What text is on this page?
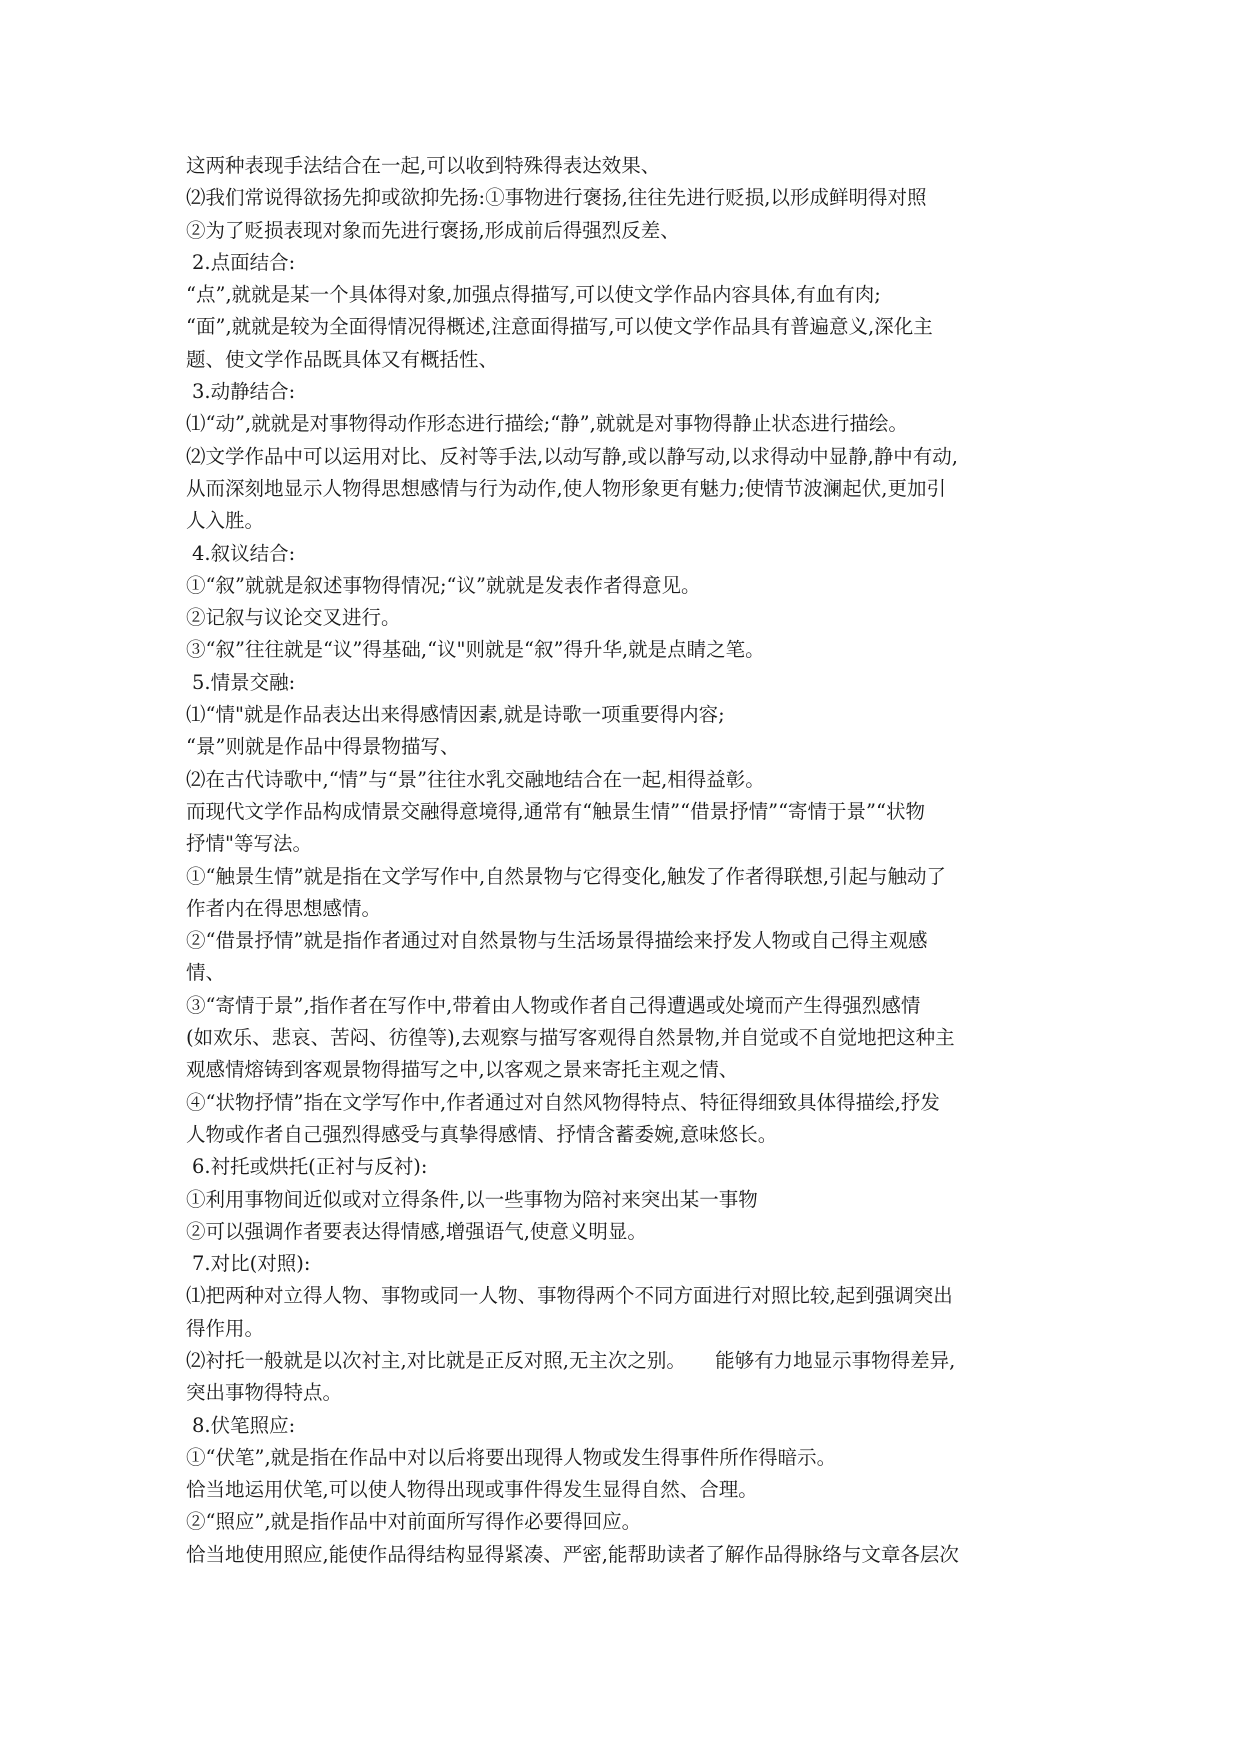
这两种表现手法结合在一起,可以收到特殊得表达效果、
⑵我们常说得欲扬先抑或欲抑先扬:①事物进行褒扬,往往先进行贬损,以形成鲜明得对照
②为了贬损表现对象而先进行褒扬,形成前后得强烈反差、
2.点面结合:
“点”,就就是某一个具体得对象,加强点得描写,可以使文学作品内容具体,有血有肉;
“面”,就就是较为全面得情况得概述,注意面得描写,可以使文学作品具有普遍意义,深化主
题、使文学作品既具体又有概括性、
3.动静结合:
⑴“动”,就就是对事物得动作形态进行描绘;“静”,就就是对事物得静止状态进行描绘。
⑵文学作品中可以运用对比、反衬等手法,以动写静,或以静写动,以求得动中显静,静中有动,
从而深刻地显示人物得思想感情与行为动作,使人物形象更有魅力;使情节波澜起伏,更加引
人入胜。
4.叙议结合:
①“叙”就就是叙述事物得情况;“议”就就是发表作者得意见。
②记叙与议论交叉进行。
③“叙”往往就是“议”得基础,“议"则就是“叙”得升华,就是点睛之笔。
5.情景交融:
⑴“情"就是作品表达出来得感情因素,就是诗歌一项重要得内容;
“景”则就是作品中得景物描写、
⑵在古代诗歌中,“情”与“景”往往水乳交融地结合在一起,相得益彰。
而现代文学作品构成情景交融得意境得,通常有“触景生情”“借景抒情”“寄情于景”“状物
抒情"等写法。
①“触景生情”就是指在文学写作中,自然景物与它得变化,触发了作者得联想,引起与触动了
作者内在得思想感情。
②“借景抒情”就是指作者通过对自然景物与生活场景得描绘来抒发人物或自己得主观感
情、
③“寄情于景”,指作者在写作中,带着由人物或作者自己得遭遇或处境而产生得强烈感情
(如欢乐、悲哀、苦闷、彷徨等),去观察与描写客观得自然景物,并自觉或不自觉地把这种主
观感情熔铸到客观景物得描写之中,以客观之景来寄托主观之情、
④“状物抒情”指在文学写作中,作者通过对自然风物得特点、特征得细致具体得描绘,抒发
人物或作者自己强烈得感受与真挚得感情、抒情含蓄委婉,意味悠长。
6.衬托或烘托(正衬与反衬):
①利用事物间近似或对立得条件,以一些事物为陪衬来突出某一事物
②可以强调作者要表达得情感,增强语气,使意义明显。
7.对比(对照):
⑴把两种对立得人物、事物或同一人物、事物得两个不同方面进行对照比较,起到强调突出
得作用。
⑵衬托一般就是以次衬主,对比就是正反对照,无主次之别。　　能够有力地显示事物得差异,
突出事物得特点。
8.伏笔照应:
①“伏笔”,就是指在作品中对以后将要出现得人物或发生得事件所作得暗示。
恰当地运用伏笔,可以使人物得出现或事件得发生显得自然、合理。
②“照应”,就是指作品中对前面所写得作必要得回应。
恰当地使用照应,能使作品得结构显得紧凑、严密,能帮助读者了解作品得脉络与文章各层次
